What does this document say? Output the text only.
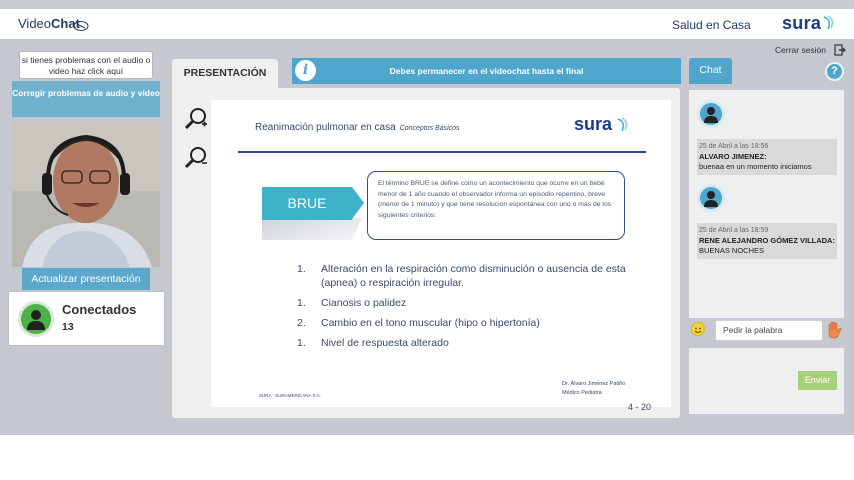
VideoChat	Salud en Casa sura
si tienes problemas con el audio o video haz click aquí
Corregir problemas de audio y video
Actualizar presentación
Conectados
13
PRESENTACIÓN	i	Debes permanecer en el videochat hasta el final
Reanimación pulmonar en casa Conceptos Básicos	sura
BRUE
El término BRUE se define como un acontecimiento que ocurre en un bebé menor de 1 año cuando el observador informa un episodio repentino, breve (menor de 1 minuto) y que tiene resolución espontánea con uno o más de los siguientes criterios:
1. Alteración en la respiración como disminución o ausencia de esta (apnea) o respiración irregular.
1. Cianosis o palidez
2. Cambio en el tono muscular (hipo o hipertonía)
1. Nivel de respuesta alterado
Dr. Álvaro Jiménez Patiño
Médico Pediatra
SURA - SURAMERICANA S.A.
4 - 20
Cerrar sesión
Chat	?
25 de Abril a las 18:56
ALVARO JIMENEZ:
buenaa en un momento iniciamos
25 de Abril a las 18:59
RENE ALEJANDRO GÓMEZ VILLADA:
BUENAS NOCHES
Pedir la palabra
Enviar
